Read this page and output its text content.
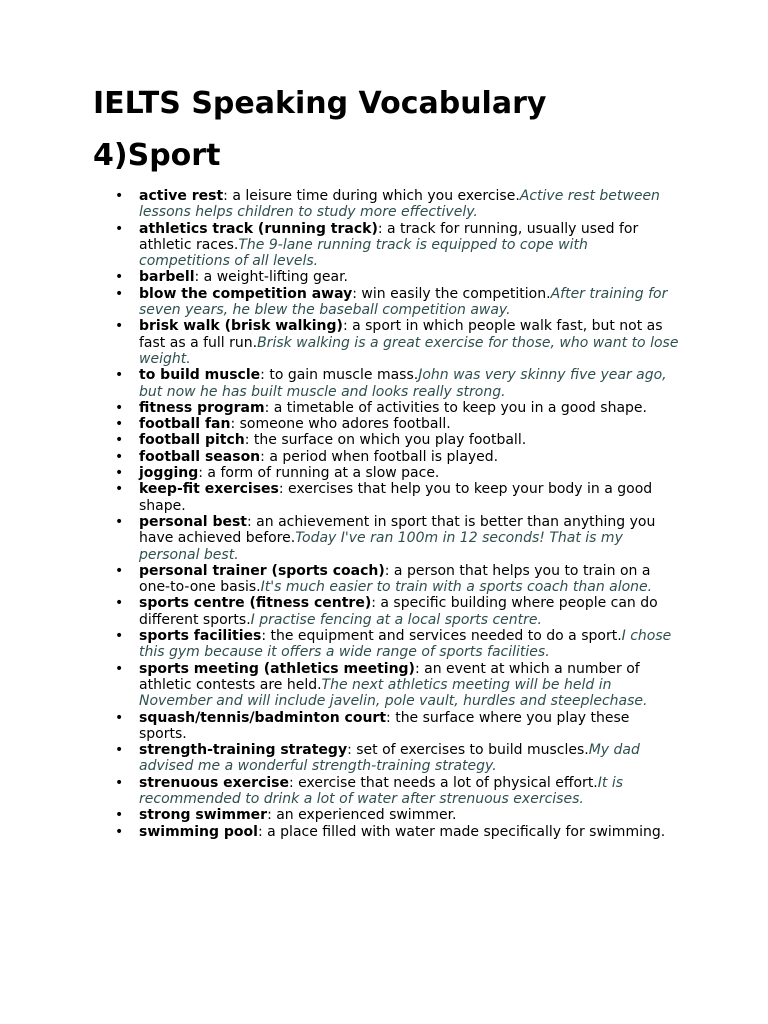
IELTS Speaking Vocabulary
4)Sport
• active rest: a leisure time during which you exercise.Active rest between lessons helps children to study more effectively.
• athletics track (running track): a track for running, usually used for athletic races.The 9-lane running track is equipped to cope with competitions of all levels.
• barbell: a weight-lifting gear.
• blow the competition away: win easily the competition.After training for seven years, he blew the baseball competition away.
• brisk walk (brisk walking): a sport in which people walk fast, but not as fast as a full run.Brisk walking is a great exercise for those, who want to lose weight.
• to build muscle: to gain muscle mass.John was very skinny five year ago, but now he has built muscle and looks really strong.
• fitness program: a timetable of activities to keep you in a good shape.
• football fan: someone who adores football.
• football pitch: the surface on which you play football.
• football season: a period when football is played.
• jogging: a form of running at a slow pace.
• keep-fit exercises: exercises that help you to keep your body in a good shape.
• personal best: an achievement in sport that is better than anything you have achieved before.Today I've ran 100m in 12 seconds! That is my personal best.
• personal trainer (sports coach): a person that helps you to train on a one-to-one basis.It's much easier to train with a sports coach than alone.
• sports centre (fitness centre): a specific building where people can do different sports.I practise fencing at a local sports centre.
• sports facilities: the equipment and services needed to do a sport.I chose this gym because it offers a wide range of sports facilities.
• sports meeting (athletics meeting): an event at which a number of athletic contests are held.The next athletics meeting will be held in November and will include javelin, pole vault, hurdles and steeplechase.
• squash/tennis/badminton court: the surface where you play these sports.
• strength-training strategy: set of exercises to build muscles.My dad advised me a wonderful strength-training strategy.
• strenuous exercise: exercise that needs a lot of physical effort.It is recommended to drink a lot of water after strenuous exercises.
• strong swimmer: an experienced swimmer.
• swimming pool: a place filled with water made specifically for swimming.
